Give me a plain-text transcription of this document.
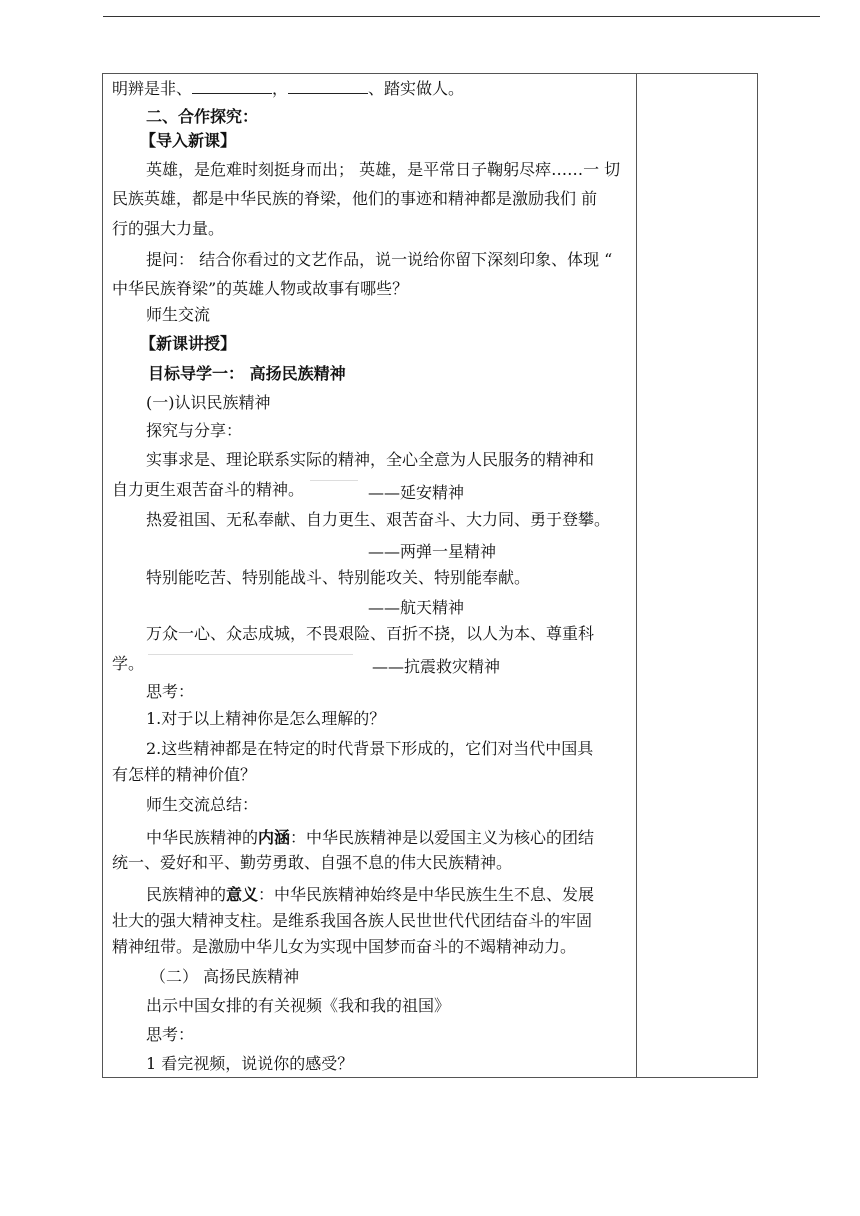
明辨是非、	，	、踏实做人。
二、合作探究：
【导入新课】
英雄，是危难时刻挺身而出； 英雄，是平常日子鞠躬尽瘁……一 切
民族英雄，都是中华民族的脊梁，他们的事迹和精神都是激励我们 前
行的强大力量。
提问： 结合你看过的文艺作品，说一说给你留下深刻印象、体现 “
中华民族脊梁”的英雄人物或故事有哪些？
师生交流
【新课讲授】
目标导学一： 高扬民族精神
(一)认识民族精神
探究与分享：
实事求是、理论联系实际的精神，全心全意为人民服务的精神和
自力更生艰苦奋斗的精神。	——延安精神
热爱祖国、无私奉献、自力更生、艰苦奋斗、大力同、勇于登攀。
——两弹一星精神
特别能吃苦、特别能战斗、特别能攻关、特别能奉献。
——航天精神
万众一心、众志成城，不畏艰险、百折不挠，以人为本、尊重科
学。	——抗震救灾精神
思考：
1.对于以上精神你是怎么理解的？
2.这些精神都是在特定的时代背景下形成的，它们对当代中国具
有怎样的精神价值？
师生交流总结：
中华民族精神的内涵：中华民族精神是以爱国主义为核心的团结
统一、爱好和平、勤劳勇敢、自强不息的伟大民族精神。
民族精神的意义：中华民族精神始终是中华民族生生不息、发展
壮大的强大精神支柱。是维系我国各族人民世世代代团结奋斗的牢固
精神纽带。是激励中华儿女为实现中国梦而奋斗的不竭精神动力。
（二） 高扬民族精神
出示中国女排的有关视频《我和我的祖国》
思考：
1 看完视频，说说你的感受？
